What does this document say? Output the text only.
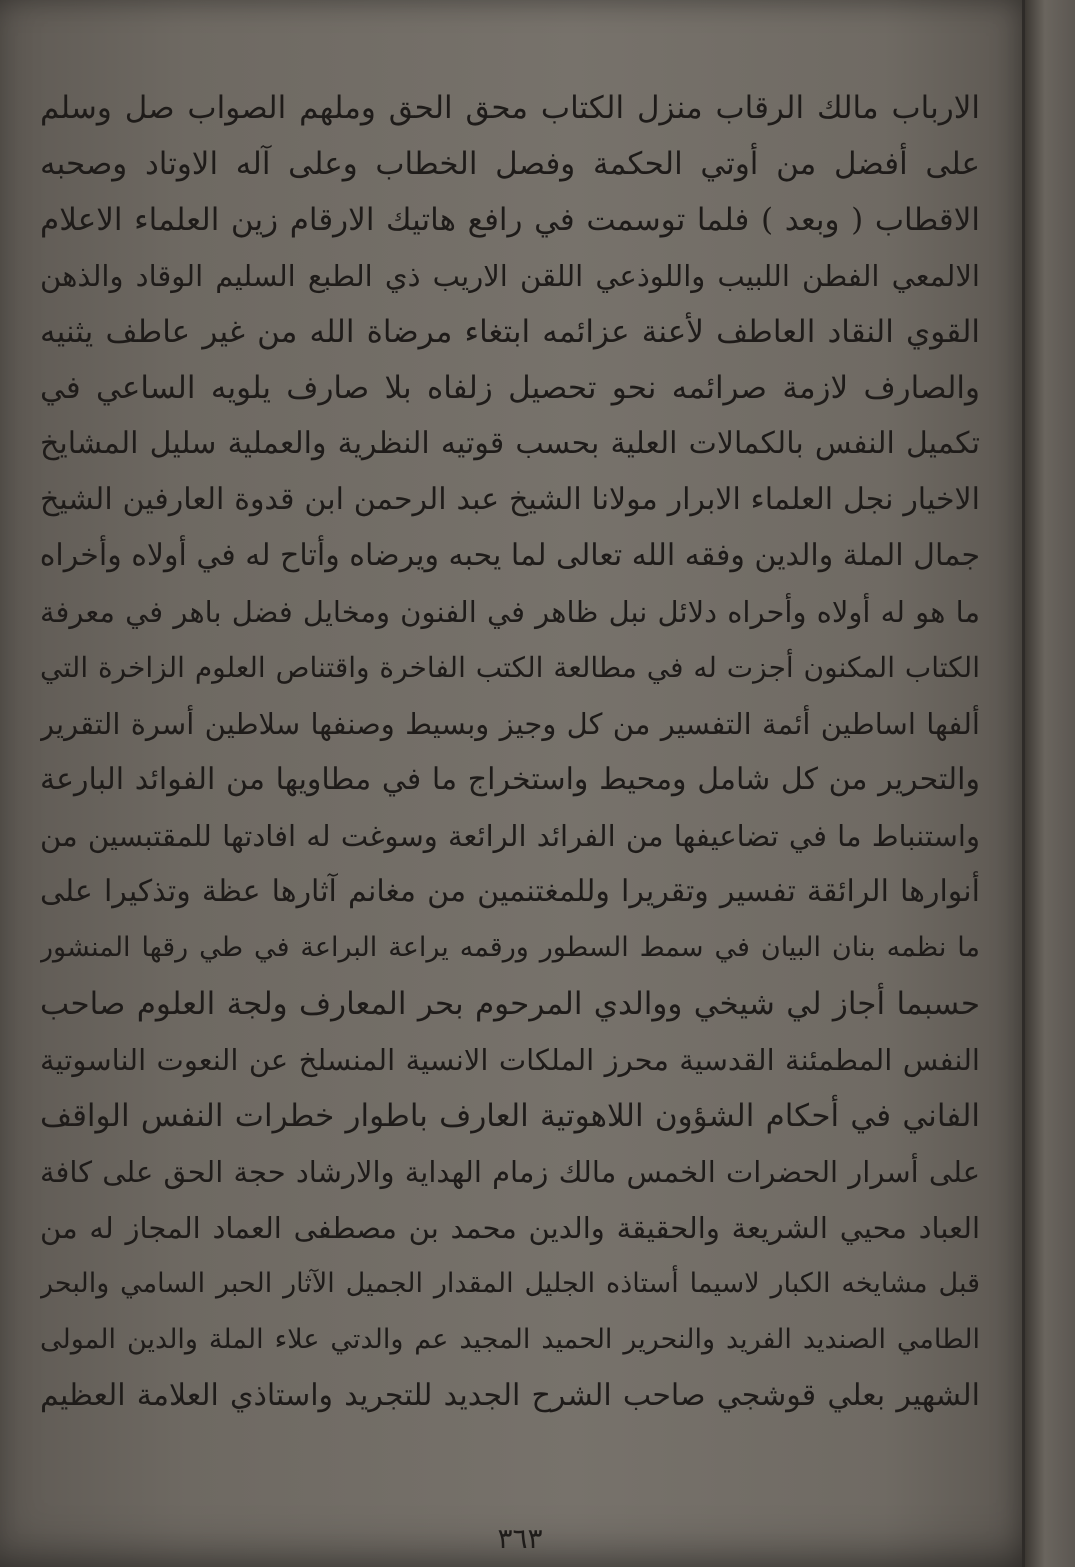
الارباب مالك الرقاب منزل الكتاب محق الحق وملهم الصواب صل وسلم
على أفضل من أوتي الحكمة وفصل الخطاب وعلى آله الاوتاد وصحبه
الاقطاب ( وبعد ) فلما توسمت في رافع هاتيك الارقام زين العلماء الاعلام
الالمعي الفطن اللبيب واللوذعي اللقن الاريب ذي الطبع السليم الوقاد والذهن
القوي النقاد العاطف لأعنة عزائمه ابتغاء مرضاة الله من غير عاطف يثنيه
والصارف لازمة صرائمه نحو تحصيل زلفاه بلا صارف يلويه الساعي في
تكميل النفس بالكمالات العلية بحسب قوتيه النظرية والعملية سليل المشايخ
الاخيار نجل العلماء الابرار مولانا الشيخ عبد الرحمن ابن قدوة العارفين الشيخ
جمال الملة والدين وفقه الله تعالى لما يحبه ويرضاه وأتاح له في أولاه وأخراه
ما هو له أولاه وأحراه دلائل نبل ظاهر في الفنون ومخايل فضل باهر في معرفة
الكتاب المكنون أجزت له في مطالعة الكتب الفاخرة واقتناص العلوم الزاخرة التي
ألفها اساطين أئمة التفسير من كل وجيز وبسيط وصنفها سلاطين أسرة التقرير
والتحرير من كل شامل ومحيط واستخراج ما في مطاويها من الفوائد البارعة
واستنباط ما في تضاعيفها من الفرائد الرائعة وسوغت له افادتها للمقتبسين من
أنوارها الرائقة تفسير وتقريرا وللمغتنمين من مغانم آثارها عظة وتذكيرا على
ما نظمه بنان البيان في سمط السطور ورقمه يراعة البراعة في طي رقها المنشور
حسبما أجاز لي شيخي ووالدي المرحوم بحر المعارف ولجة العلوم صاحب
النفس المطمئنة القدسية محرز الملكات الانسية المنسلخ عن النعوت الناسوتية
الفاني في أحكام الشؤون اللاهوتية العارف باطوار خطرات النفس الواقف
على أسرار الحضرات الخمس مالك زمام الهداية والارشاد حجة الحق على كافة
العباد محيي الشريعة والحقيقة والدين محمد بن مصطفى العماد المجاز له من
قبل مشايخه الكبار لاسيما أستاذه الجليل المقدار الجميل الآثار الحبر السامي والبحر
الطامي الصنديد الفريد والنحرير الحميد المجيد عم والدتي علاء الملة والدين المولى
الشهير بعلي قوشجي صاحب الشرح الجديد للتجريد واستاذي العلامة العظيم
٣٦٣
